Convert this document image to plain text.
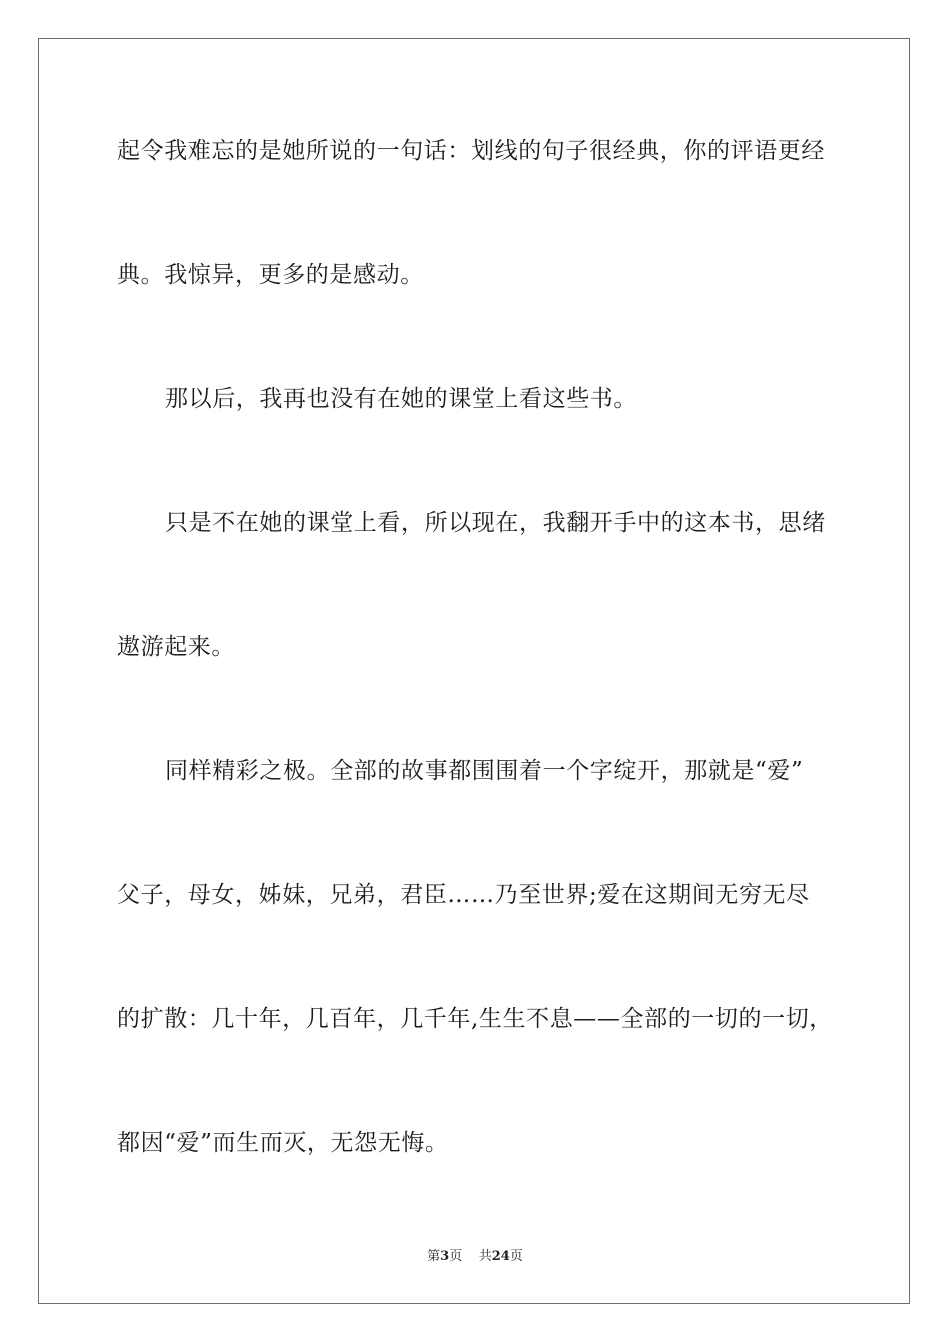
起令我难忘的是她所说的一句话：划线的句子很经典，你的评语更经
典。我惊异，更多的是感动。
那以后，我再也没有在她的课堂上看这些书。
只是不在她的课堂上看，所以现在，我翻开手中的这本书，思绪
遨游起来。
同样精彩之极。全部的故事都围围着一个字绽开，那就是“爱”
父子，母女，姊妹，兄弟，君臣……乃至世界;爱在这期间无穷无尽
的扩散：几十年，几百年，几千年,生生不息——全部的一切的一切，
都因“爱”而生而灭，无怨无悔。
第3页 共24页
